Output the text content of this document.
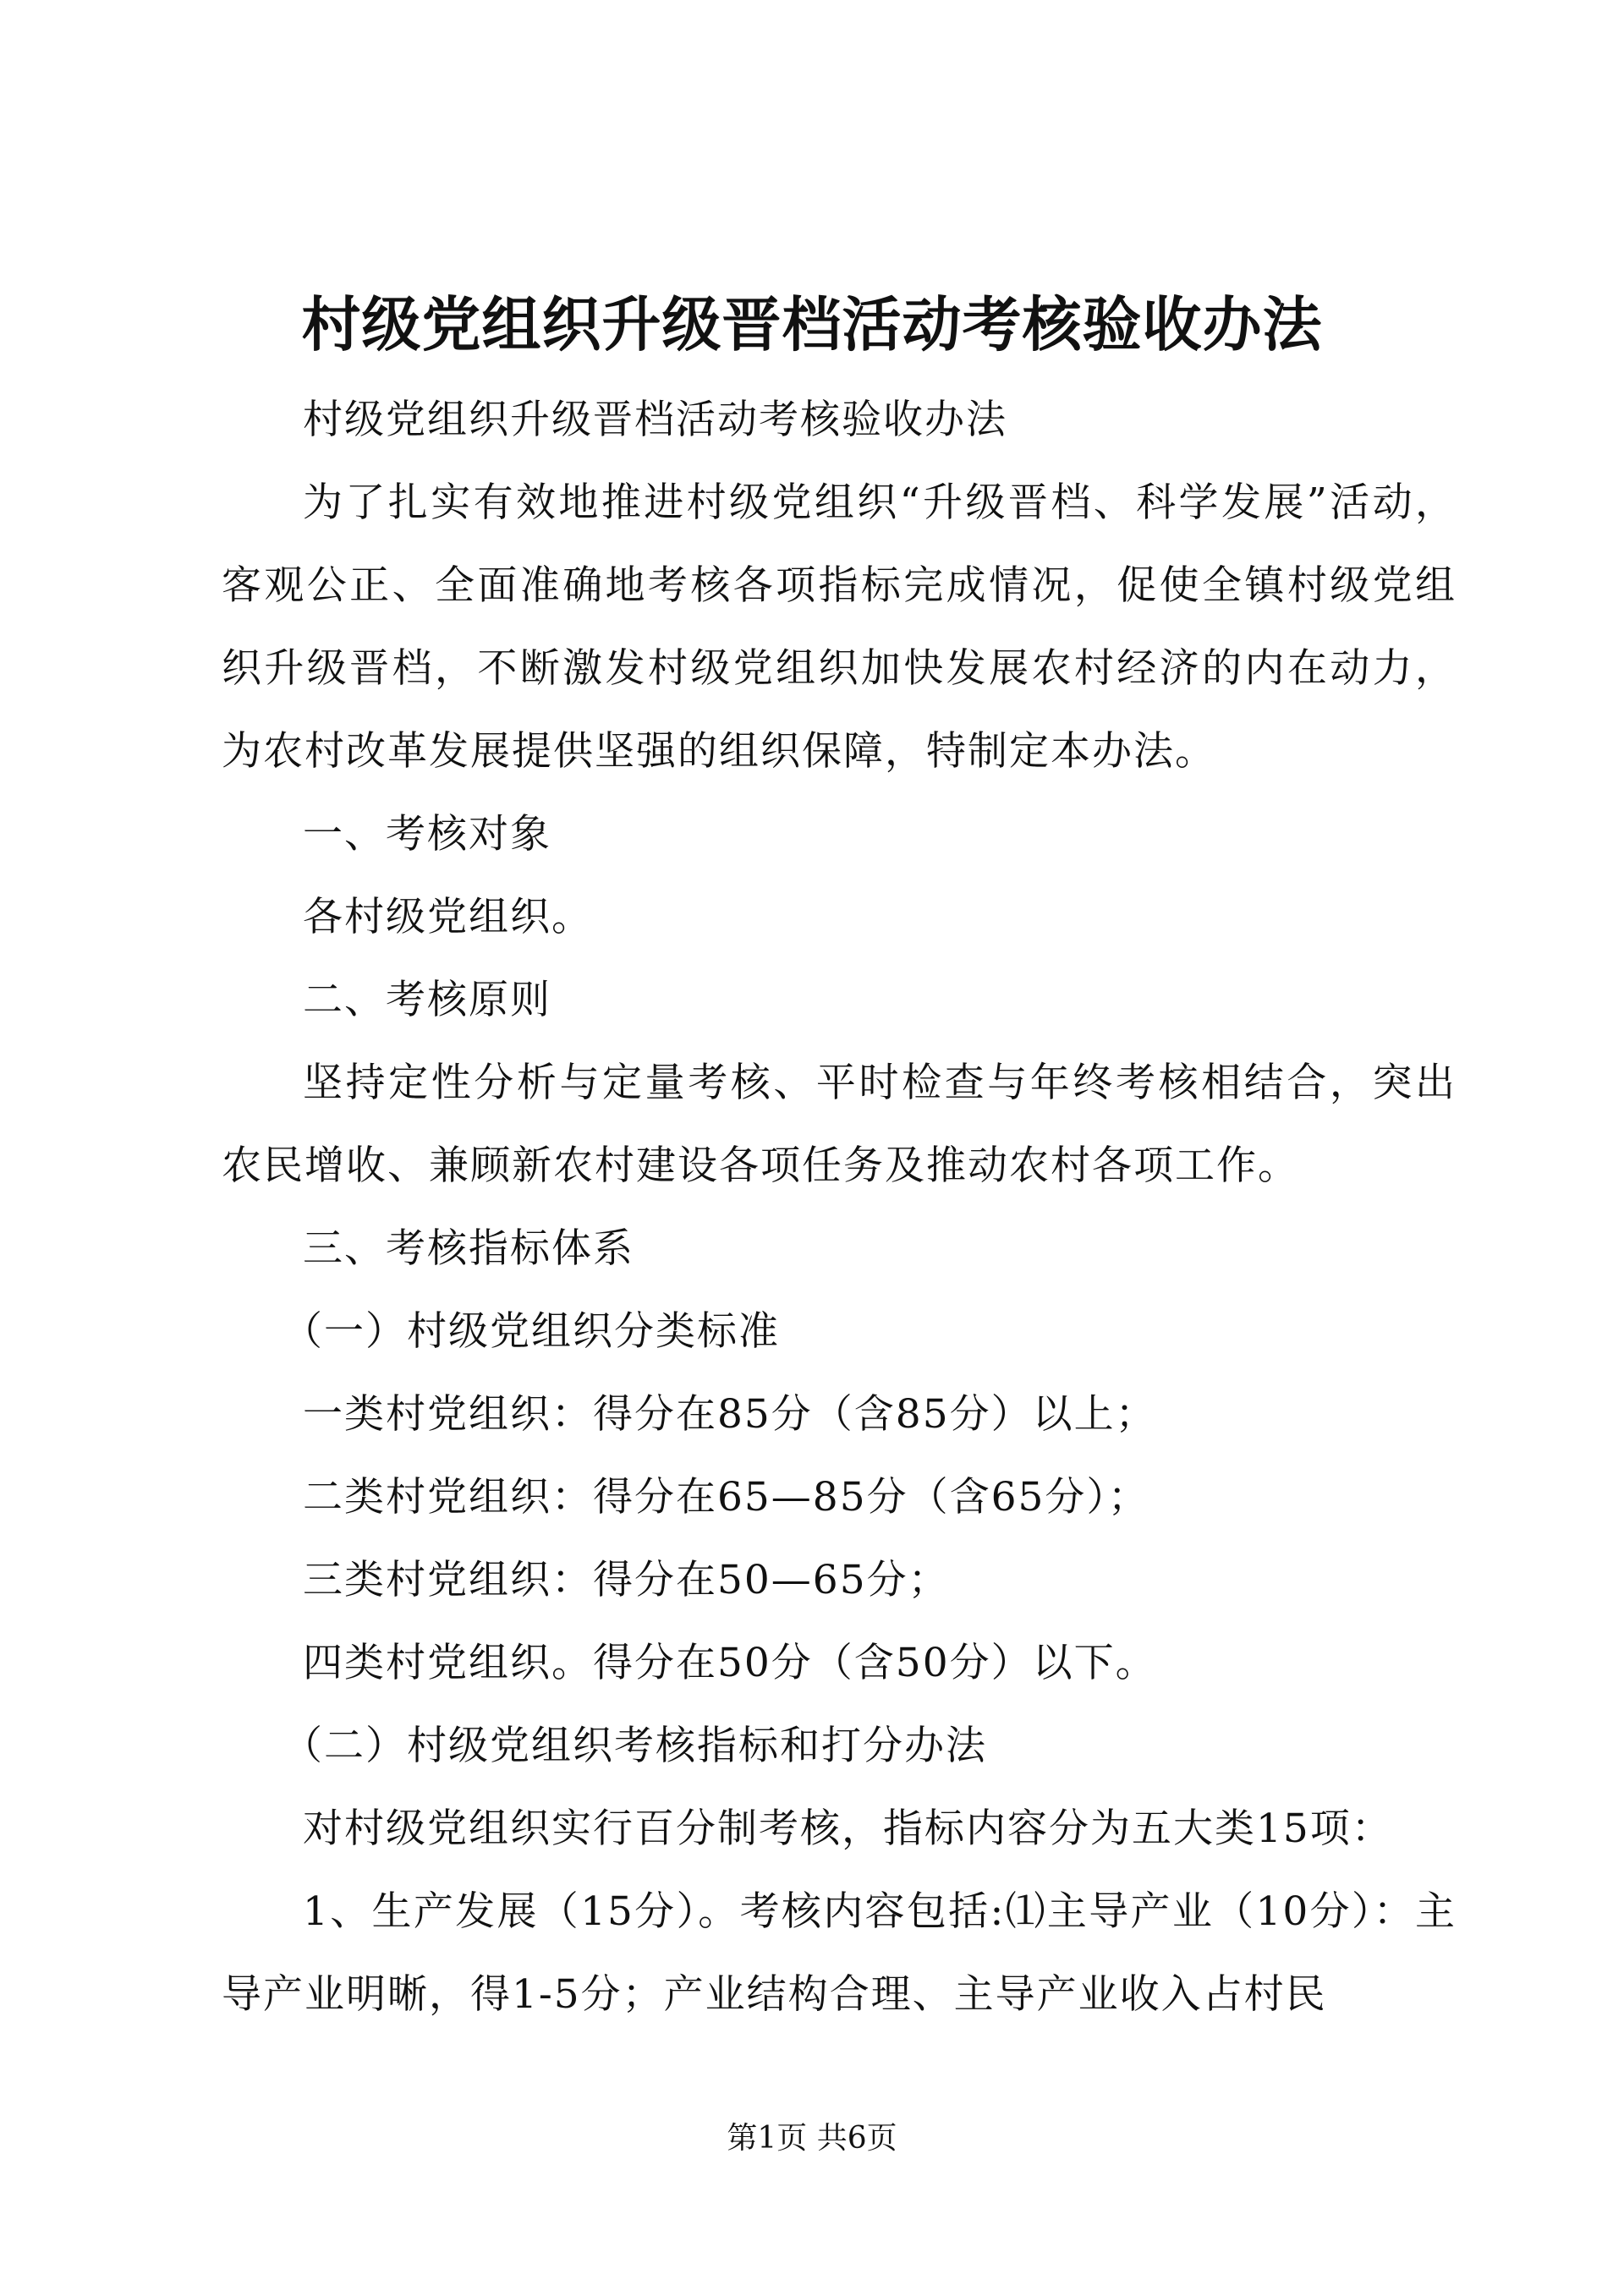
村级党组织升级晋档活动考核验收办法

村级党组织升级晋档活动考核验收办法

为了扎实有效地推进村级党组织“升级晋档、科学发展”活动，客观公正、全面准确地考核各项指标完成情况，促使全镇村级党组织升级晋档，不断激发村级党组织加快发展农村经济的内在动力，为农村改革发展提供坚强的组织保障，特制定本办法。

一、考核对象

各村级党组织。

二、考核原则

坚持定性分析与定量考核、平时检查与年终考核相结合，突出农民增收、兼顾新农村建设各项任务及推动农村各项工作。

三、考核指标体系

（一）村级党组织分类标准

一类村党组织：得分在85分（含85分）以上；

二类村党组织：得分在65—85分（含65分）；

三类村党组织：得分在50—65分；

四类村党组织。得分在50分（含50分）以下。

（二）村级党组织考核指标和打分办法

对村级党组织实行百分制考核，指标内容分为五大类15项：

1、生产发展（15分）。考核内容包括:⑴主导产业（10分）：主导产业明晰，得1-5分；产业结构合理、主导产业收入占村民

第1页 共6页
